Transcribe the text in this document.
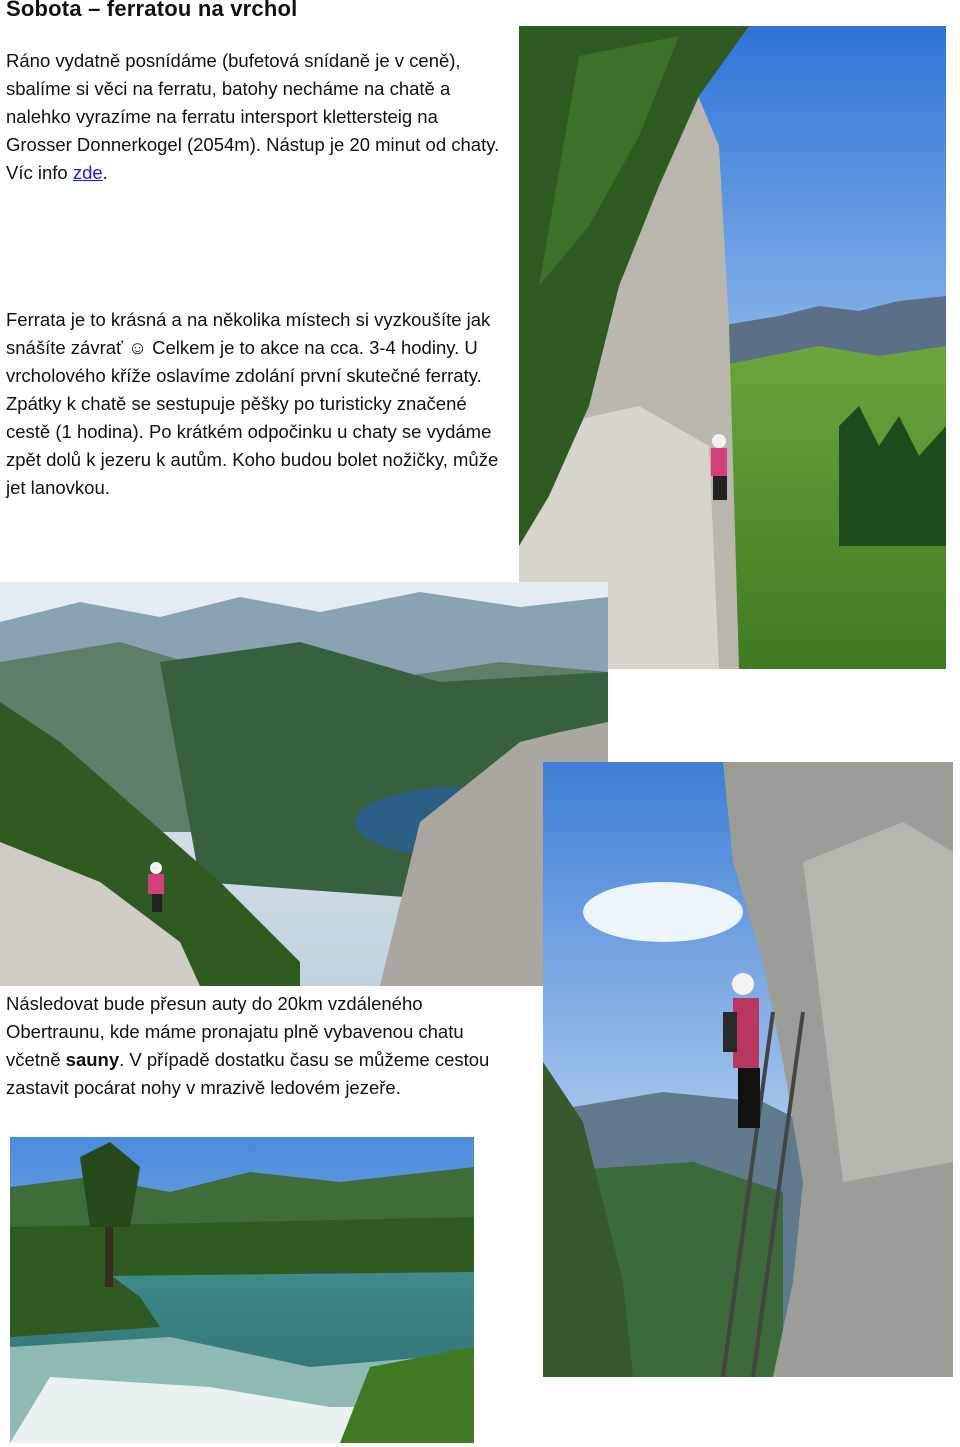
Sobota – ferratou na vrchol

Ráno vydatně posnídáme (bufetová snídaně je v ceně), sbalíme si věci na ferratu, batohy necháme na chatě a nalehko vyrazíme na ferratu intersport klettersteig na Grosser Donnerkogel (2054m). Nástup je 20 minut od chaty. Víc info zde.

Ferrata je to krásná a na několika místech si vyzkoušíte jak snášíte závrať ☺ Celkem je to akce na cca. 3-4 hodiny. U vrcholového kříže oslavíme zdolání první skutečné ferraty. Zpátky k chatě se sestupuje pěšky po turisticky značené cestě (1 hodina). Po krátkém odpočinku u chaty se vydáme zpět dolů k jezeru k autům. Koho budou bolet nožičky, může jet lanovkou.

Následovat bude přesun auty do 20km vzdáleného Obertraunu, kde máme pronajatu plně vybavenou chatu včetně sauny. V případě dostatku času se můžeme cestou zastavit pocárat nohy v mrazivě ledovém jezeře.
